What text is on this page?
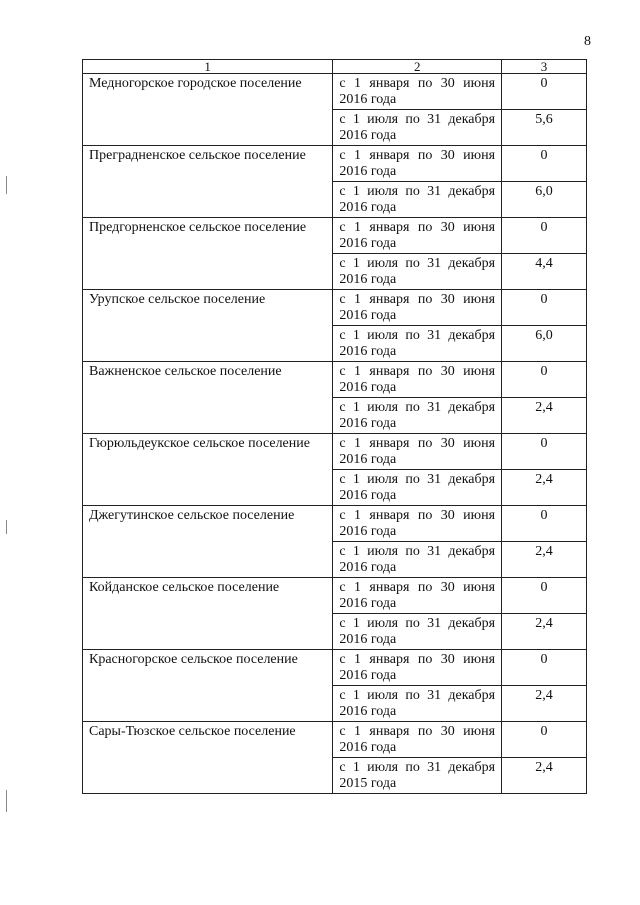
8
1	2	3
Медногорское городское поселение	с 1 января по 30 июня 2016 года	0
	с 1 июля по 31 декабря 2016 года	5,6
Преградненское сельское поселение	с 1 января по 30 июня 2016 года	0
	с 1 июля по 31 декабря 2016 года	6,0
Предгорненское сельское поселение	с 1 января по 30 июня 2016 года	0
	с 1 июля по 31 декабря 2016 года	4,4
Урупское сельское поселение	с 1 января по 30 июня 2016 года	0
	с 1 июля по 31 декабря 2016 года	6,0
Важненское сельское поселение	с 1 января по 30 июня 2016 года	0
	с 1 июля по 31 декабря 2016 года	2,4
Гюрюльдеукское сельское поселение	с 1 января по 30 июня 2016 года	0
	с 1 июля по 31 декабря 2016 года	2,4
Джегутинское сельское поселение	с 1 января по 30 июня 2016 года	0
	с 1 июля по 31 декабря 2016 года	2,4
Койданское сельское поселение	с 1 января по 30 июня 2016 года	0
	с 1 июля по 31 декабря 2016 года	2,4
Красногорское сельское поселение	с 1 января по 30 июня 2016 года	0
	с 1 июля по 31 декабря 2016 года	2,4
Сары-Тюзское сельское поселение	с 1 января по 30 июня 2016 года	0
	с 1 июля по 31 декабря 2015 года	2,4
